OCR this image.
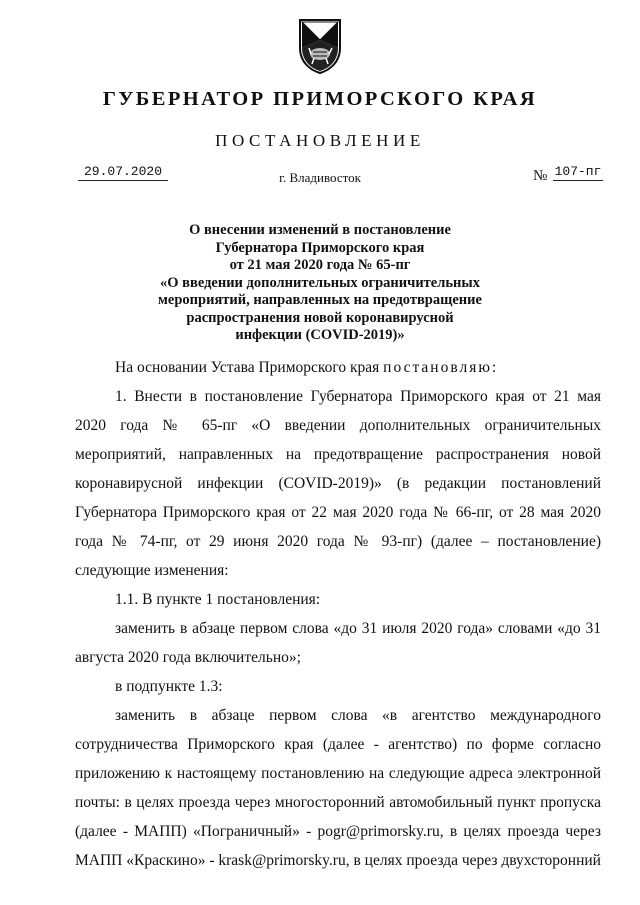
ГУБЕРНАТОР ПРИМОРСКОГО КРАЯ
ПОСТАНОВЛЕНИЕ
29.07.2020	г. Владивосток	№ 107-пг
О внесении изменений в постановление
Губернатора Приморского края
от 21 мая 2020 года № 65-пг
«О введении дополнительных ограничительных
мероприятий, направленных на предотвращение
распространения новой коронавирусной
инфекции (COVID-2019)»

На основании Устава Приморского края постановляю:

1. Внести в постановление Губернатора Приморского края от 21 мая 2020 года № 65-пг «О введении дополнительных ограничительных мероприятий, направленных на предотвращение распространения новой коронавирусной инфекции (COVID-2019)» (в редакции постановлений Губернатора Приморского края от 22 мая 2020 года № 66-пг, от 28 мая 2020 года № 74-пг, от 29 июня 2020 года № 93-пг) (далее – постановление) следующие изменения:

1.1. В пункте 1 постановления:

заменить в абзаце первом слова «до 31 июля 2020 года» словами «до 31 августа 2020 года включительно»;

в подпункте 1.3:

заменить в абзаце первом слова «в агентство международного сотрудничества Приморского края (далее - агентство) по форме согласно приложению к настоящему постановлению на следующие адреса электронной почты: в целях проезда через многосторонний автомобильный пункт пропуска (далее - МАПП) «Пограничный» - pogr@primorsky.ru, в целях проезда через МАПП «Краскино» - krask@primorsky.ru, в целях проезда через двухсторонний
